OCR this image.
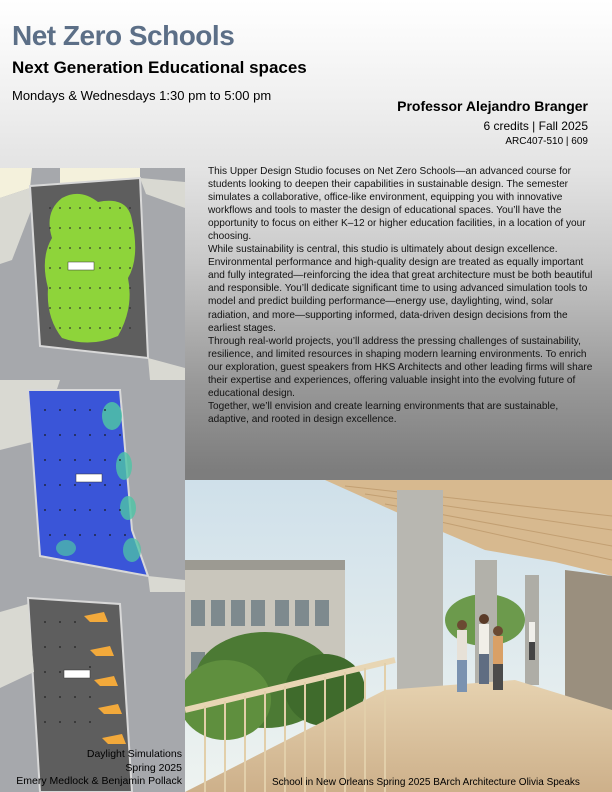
Net Zero Schools
Next Generation Educational spaces
Mondays & Wednesdays 1:30 pm to 5:00 pm
Professor Alejandro Branger
6 credits | Fall 2025
ARC407-510 | 609

This Upper Design Studio focuses on Net Zero Schools—an advanced course for students looking to deepen their capabilities in sustainable design. The semester simulates a collaborative, office-like environment, equipping you with innovative workflows and tools to master the design of educational spaces. You’ll have the opportunity to focus on either K–12 or higher education facilities, in a location of your choosing.

While sustainability is central, this studio is ultimately about design excellence. Environmental performance and high-quality design are treated as equally important and fully integrated—reinforcing the idea that great architecture must be both beautiful and responsible. You’ll dedicate significant time to using advanced simulation tools to model and predict building performance—energy use, daylighting, wind, solar radiation, and more—supporting informed, data-driven design decisions from the earliest stages.

Through real-world projects, you’ll address the pressing challenges of sustainability, resilience, and limited resources in shaping modern learning environments. To enrich our exploration, guest speakers from HKS Architects and other leading firms will share their expertise and experiences, offering valuable insight into the evolving future of educational design.

Together, we’ll envision and create learning environments that are sustainable, adaptive, and rooted in design excellence.

Daylight Simulations
Spring 2025
Emery Medlock & Benjamin Pollack	School in New Orleans Spring 2025 BArch Architecture Olivia Speaks
